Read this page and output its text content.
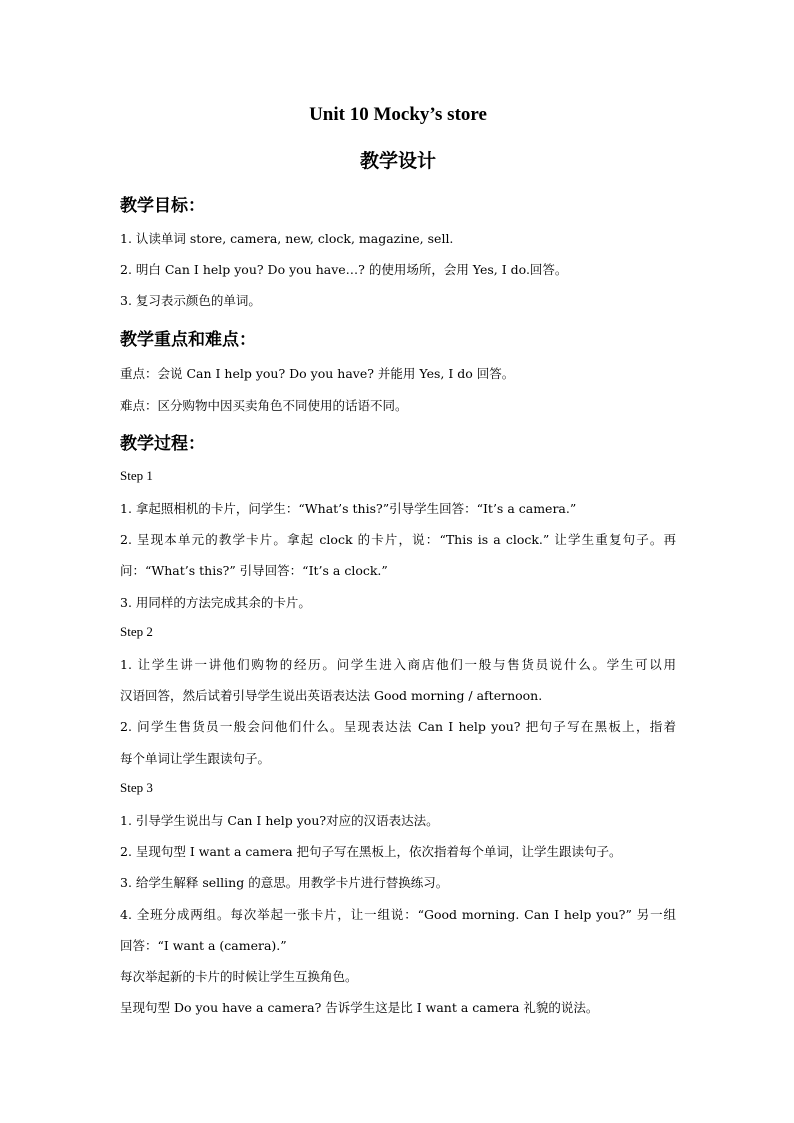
Unit 10 Mocky’s store
教学设计
教学目标：
1. 认读单词 store, camera, new, clock, magazine, sell.
2. 明白 Can I help you? Do you have…? 的使用场所，会用 Yes, I do.回答。
3. 复习表示颜色的单词。
教学重点和难点：
重点：会说 Can I help you? Do you have? 并能用 Yes, I do 回答。
难点：区分购物中因买卖角色不同使用的话语不同。
教学过程：
Step 1
1. 拿起照相机的卡片，问学生：“What’s this?”引导学生回答：“It’s a camera.”
2. 呈现本单元的教学卡片。拿起 clock 的卡片，说：“This is a clock.” 让学生重复句子。再
问：“What’s this?” 引导回答：“It’s a clock.”
3. 用同样的方法完成其余的卡片。
Step 2
1. 让学生讲一讲他们购物的经历。问学生进入商店他们一般与售货员说什么。学生可以用
汉语回答，然后试着引导学生说出英语表达法 Good morning / afternoon.
2. 问学生售货员一般会问他们什么。呈现表达法 Can I help you? 把句子写在黑板上，指着
每个单词让学生跟读句子。
Step 3
1. 引导学生说出与 Can I help you?对应的汉语表达法。
2. 呈现句型 I want a camera 把句子写在黑板上，依次指着每个单词，让学生跟读句子。
3. 给学生解释 selling 的意思。用教学卡片进行替换练习。
4. 全班分成两组。每次举起一张卡片，让一组说：“Good morning. Can I help you?” 另一组
回答：“I want a (camera).”
每次举起新的卡片的时候让学生互换角色。
呈现句型 Do you have a camera? 告诉学生这是比 I want a camera 礼貌的说法。
